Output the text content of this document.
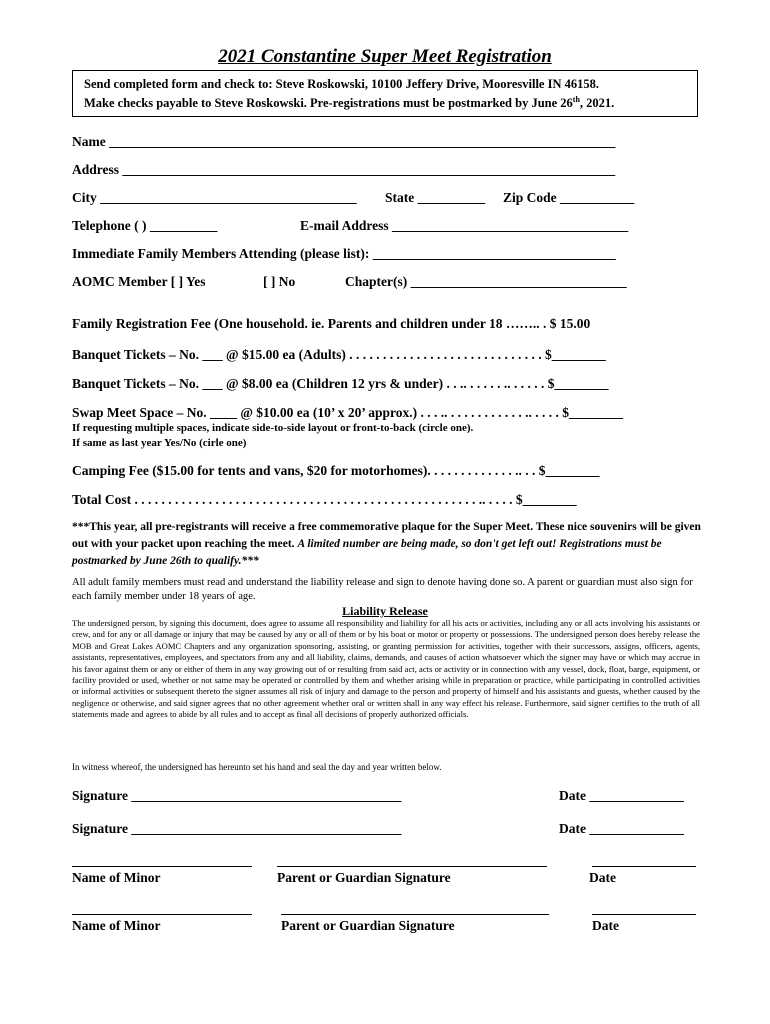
2021 Constantine Super Meet Registration
Send completed form and check to: Steve Roskowski, 10100 Jeffery Drive, Mooresville IN 46158.
Make checks payable to Steve Roskowski. Pre-registrations must be postmarked by June 26th, 2021.
Name ___________________________________________________________________________
Address _________________________________________________________________________
City ______________________________________ State __________ Zip Code ___________
Telephone ( ) __________	E-mail Address ___________________________________
Immediate Family Members Attending (please list): ____________________________________
AOMC Member [ ] Yes	[ ] No	Chapter(s) ________________________________
Family Registration Fee (One household. ie. Parents and children under 18 …….. . $ 15.00
Banquet Tickets – No. ___ @ $15.00 ea (Adults) . . . . . . . . . . . . . . . . . . . . . . . . . . . . . $________
Banquet Tickets – No. ___ @ $8.00 ea (Children 12 yrs & under) . . .. . . . . . .. . . . . . $________
Swap Meet Space – No. ____ @ $10.00 ea (10’ x 20’ approx.) . . . .. . . . . . . . . . . . .. . . . . $________
If requesting multiple spaces, indicate side-to-side layout or front-to-back (circle one).
If same as last year Yes/No (cirle one)
Camping Fee ($15.00 for tents and vans, $20 for motorhomes). . . . . . . . . . . . . .. . . $________
Total Cost . . . . . . . . . . . . . . . . . . . . . . . . . . . . . . . . . . . . . . . . . . . . . . . . . . . .. . . . . $________
***This year, all pre-registrants will receive a free commemorative plaque for the Super Meet. These nice souvenirs will be given out with your packet upon reaching the meet. A limited number are being made, so don't get left out! Registrations must be postmarked by June 26th to qualify.***
All adult family members must read and understand the liability release and sign to denote having done so. A parent or guardian must also sign for each family member under 18 years of age.
Liability Release
The undersigned person, by signing this document, does agree to assume all responsibility and liability for all his acts or activities, including any or all acts involving his assistants or crew, and for any or all damage or injury that may be caused by any or all of them or by his boat or motor or property or possessions. The undersigned person does hereby release the MOB and Great Lakes AOMC Chapters and any organization sponsoring, assisting, or granting permission for activities, together with their successors, assigns, officers, agents, assistants, representatives, employees, and spectators from any and all liability, claims, demands, and causes of action whatsoever which the signer may have or which may accrue in his favor against them or any or either of them in any way growing out of or resulting from said act, acts or activity or in connection with any vessel, dock, float, barge, equipment, or facility provided or used, whether or not same may be operated or controlled by them and whether arising while in preparation or practice, while participating in controlled activities or informal activities or subsequent thereto the signer assumes all risk of injury and damage to the person and property of himself and his assistants and guests, whether caused by the negligence or otherwise, and said signer agrees that no other agreement whether oral or written shall in any way effect his release. Furthermore, said signer certifies to the truth of all statements made and agrees to abide by all rules and to accept as final all decisions of properly authorized officials.
In witness whereof, the undersigned has hereunto set his hand and seal the day and year written below.
Signature ________________________________________	Date ______________
Signature ________________________________________	Date ______________
Name of Minor	Parent or Guardian Signature	Date
Name of Minor	Parent or Guardian Signature	Date
